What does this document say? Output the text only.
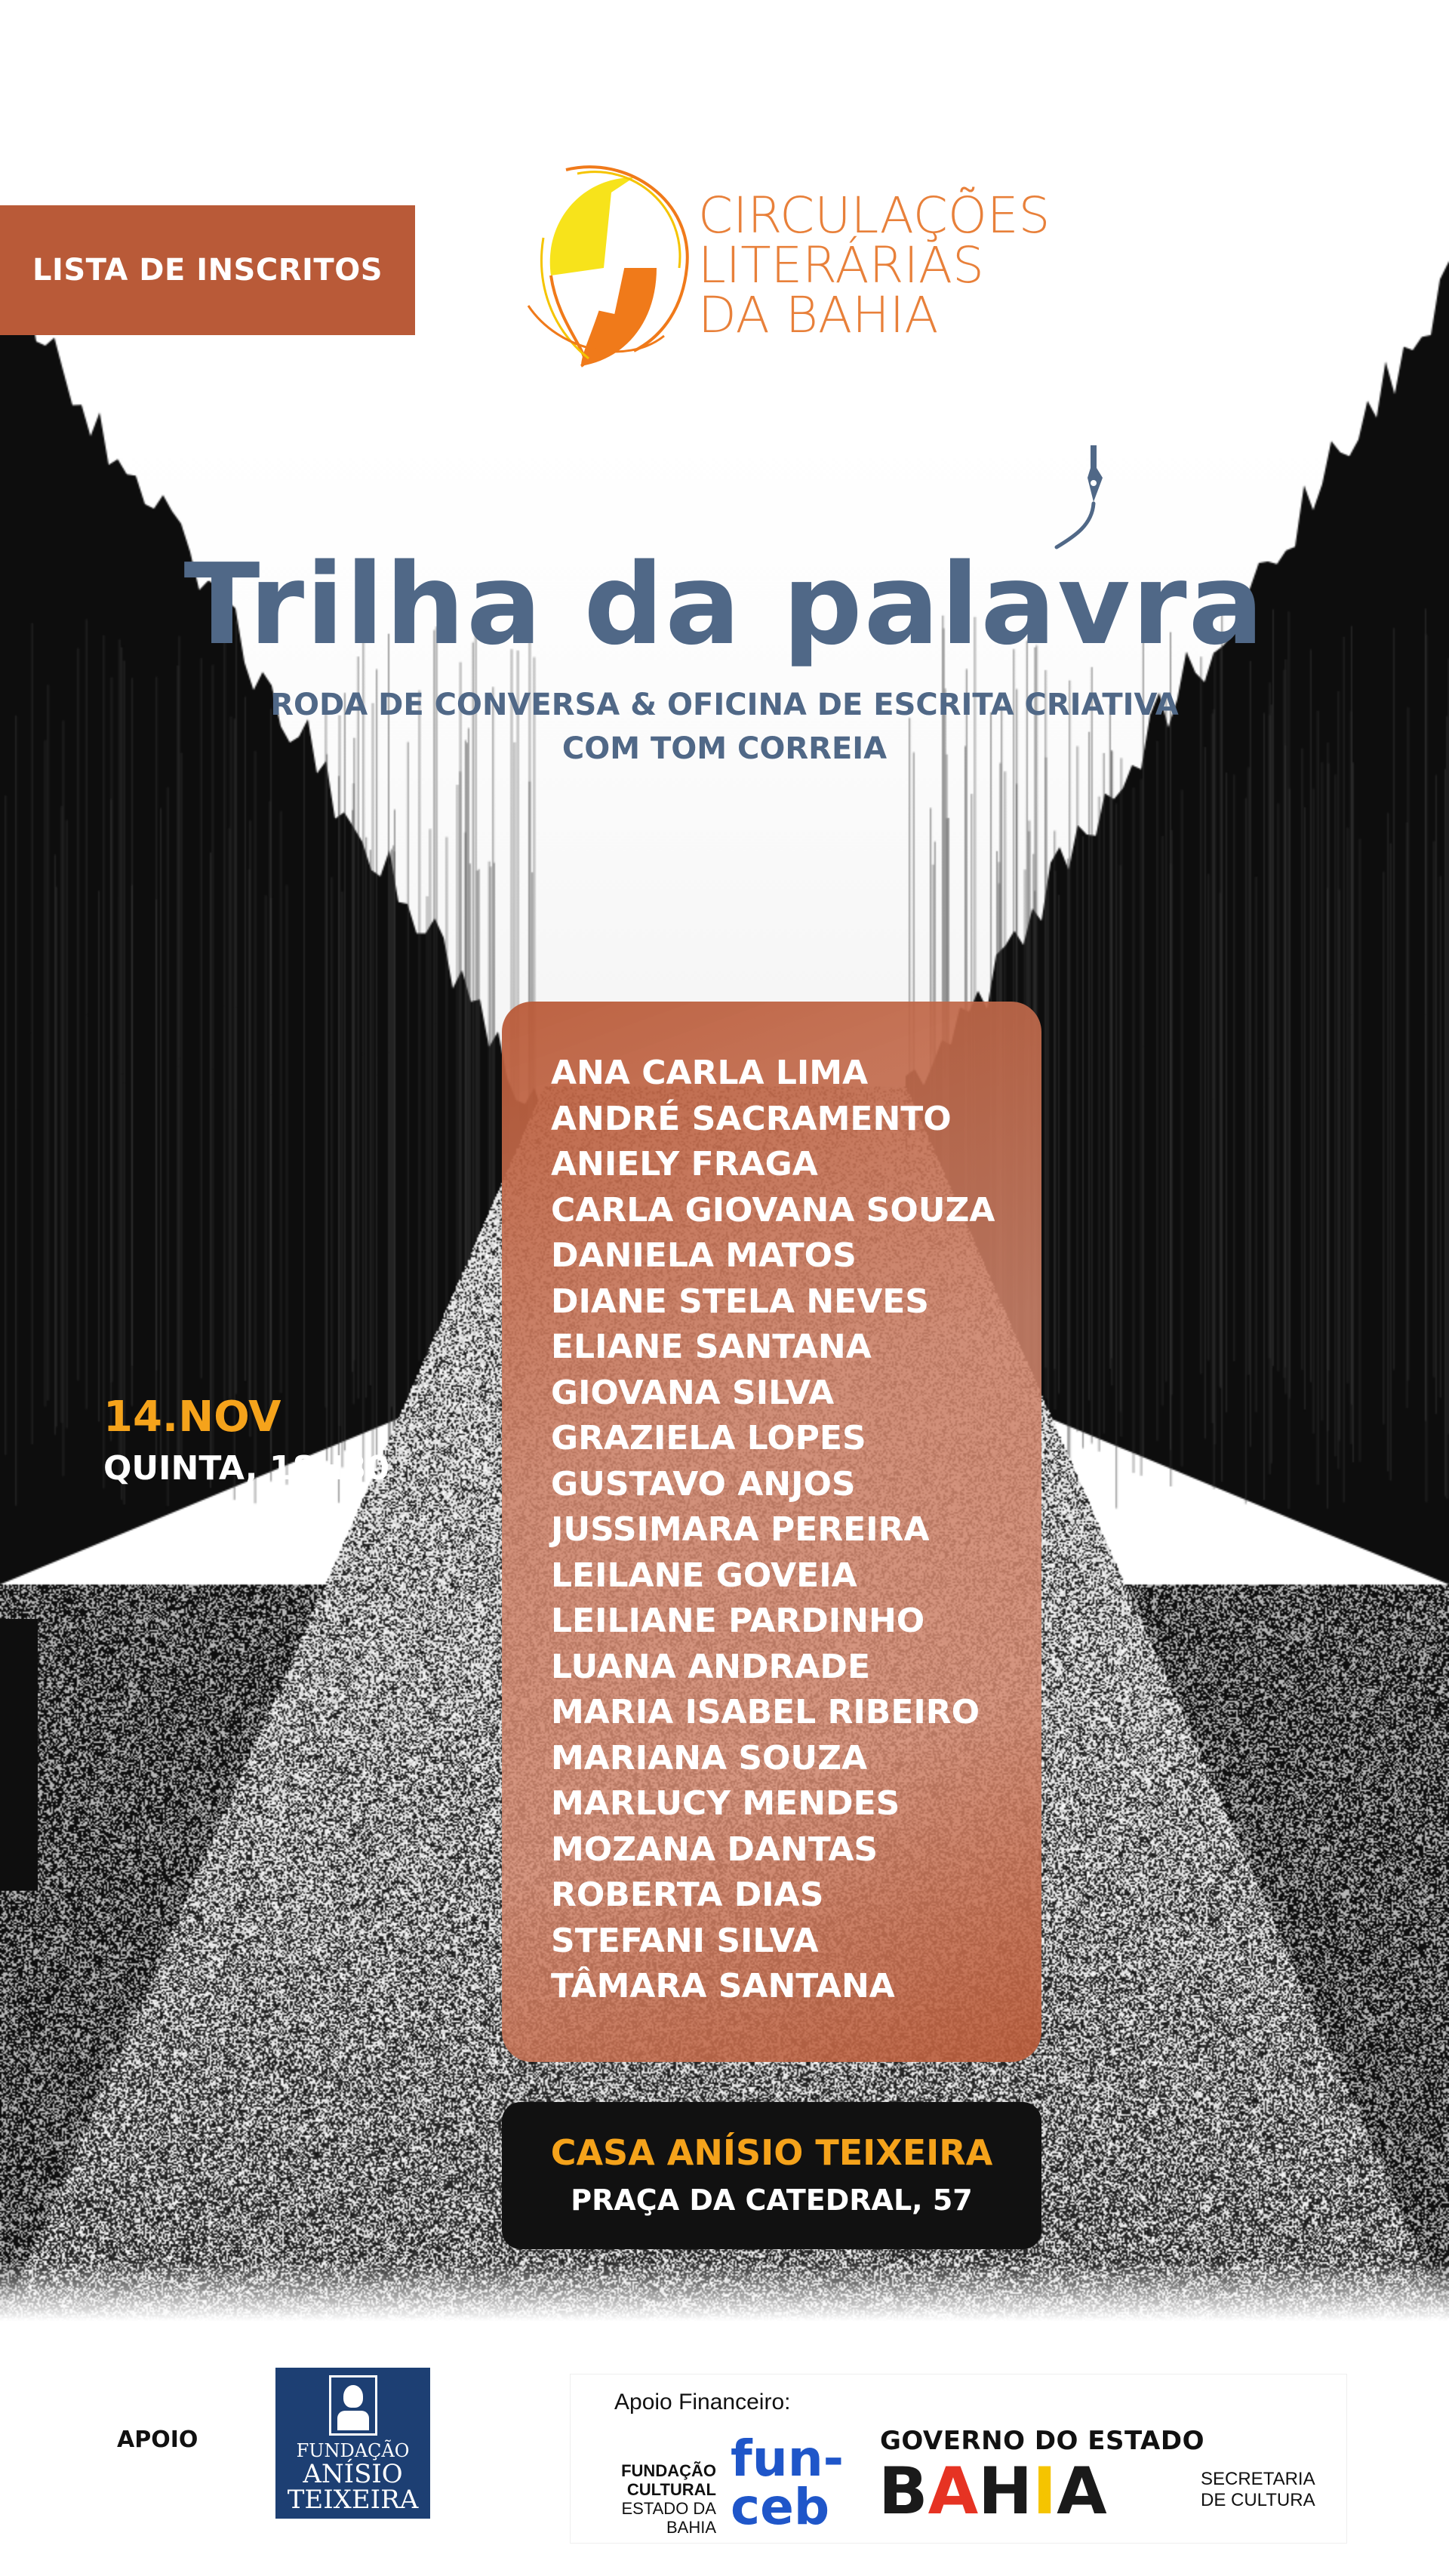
LISTA DE INSCRITOS
CIRCULAÇÕES
LITERÁRIAS
DA BAHIA
Trilha da palavra
RODA DE CONVERSA & OFICINA DE ESCRITA CRIATIVA
COM TOM CORREIA
14.NOV
QUINTA, 18H30
ANA CARLA LIMA
ANDRÉ SACRAMENTO
ANIELY FRAGA
CARLA GIOVANA SOUZA
DANIELA MATOS
DIANE STELA NEVES
ELIANE SANTANA
GIOVANA SILVA
GRAZIELA LOPES
GUSTAVO ANJOS
JUSSIMARA PEREIRA
LEILANE GOVEIA
LEILIANE PARDINHO
LUANA ANDRADE
MARIA ISABEL RIBEIRO
MARIANA SOUZA
MARLUCY MENDES
MOZANA DANTAS
ROBERTA DIAS
STEFANI SILVA
TÂMARA SANTANA
CASA ANÍSIO TEIXEIRA
PRAÇA DA CATEDRAL, 57
APOIO	FUNDAÇÃO
ANÍSIO
TEIXEIRA
Apoio Financeiro:
FUNDAÇÃO
CULTURAL
ESTADO DA
BAHIA
fun-
ceb
GOVERNO DO ESTADO
B A H I A	SECRETARIA
DE CULTURA
